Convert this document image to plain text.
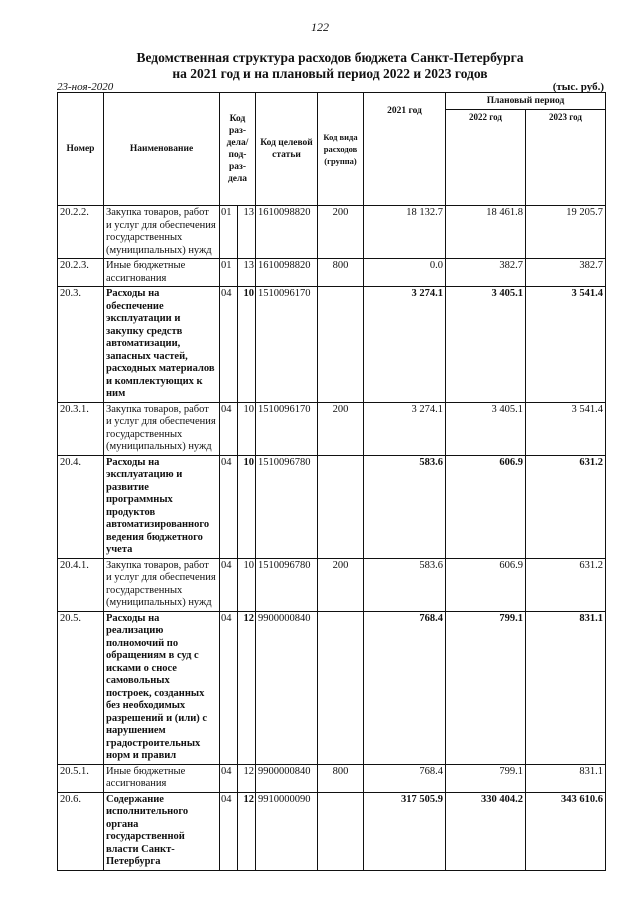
122
Ведомственная структура расходов бюджета Санкт-Петербурга
на 2021 год и на плановый период 2022 и 2023 годов
23-ноя-2020	(тыс. руб.)
Номер	Наименование	Код раз-дела/ под-раз-дела		Код целевой статьи	Код вида расходов (группа)	2021 год	Плановый период	
							2022 год	2023 год
20.2.2.	Закупка товаров, работ и услуг для обеспечения государственных (муниципальных) нужд	01	13	1610098820	200	18 132.7	18 461.8	19 205.7
20.2.3.	Иные бюджетные ассигнования	01	13	1610098820	800	0.0	382.7	382.7
20.3.	Расходы на обеспечение эксплуатации и закупку средств автоматизации, запасных частей, расходных материалов и комплектующих к ним	04	10	1510096170		3 274.1	3 405.1	3 541.4
20.3.1.	Закупка товаров, работ и услуг для обеспечения государственных (муниципальных) нужд	04	10	1510096170	200	3 274.1	3 405.1	3 541.4
20.4.	Расходы на эксплуатацию и развитие программных продуктов автоматизированного ведения бюджетного учета	04	10	1510096780		583.6	606.9	631.2
20.4.1.	Закупка товаров, работ и услуг для обеспечения государственных (муниципальных) нужд	04	10	1510096780	200	583.6	606.9	631.2
20.5.	Расходы на реализацию полномочий по обращениям в суд с исками о сносе самовольных построек, созданных без необходимых разрешений и (или) с нарушением градостроительных норм и правил	04	12	9900000840		768.4	799.1	831.1
20.5.1.	Иные бюджетные ассигнования	04	12	9900000840	800	768.4	799.1	831.1
20.6.	Содержание исполнительного органа государственной власти Санкт-Петербурга	04	12	9910000090		317 505.9	330 404.2	343 610.6
